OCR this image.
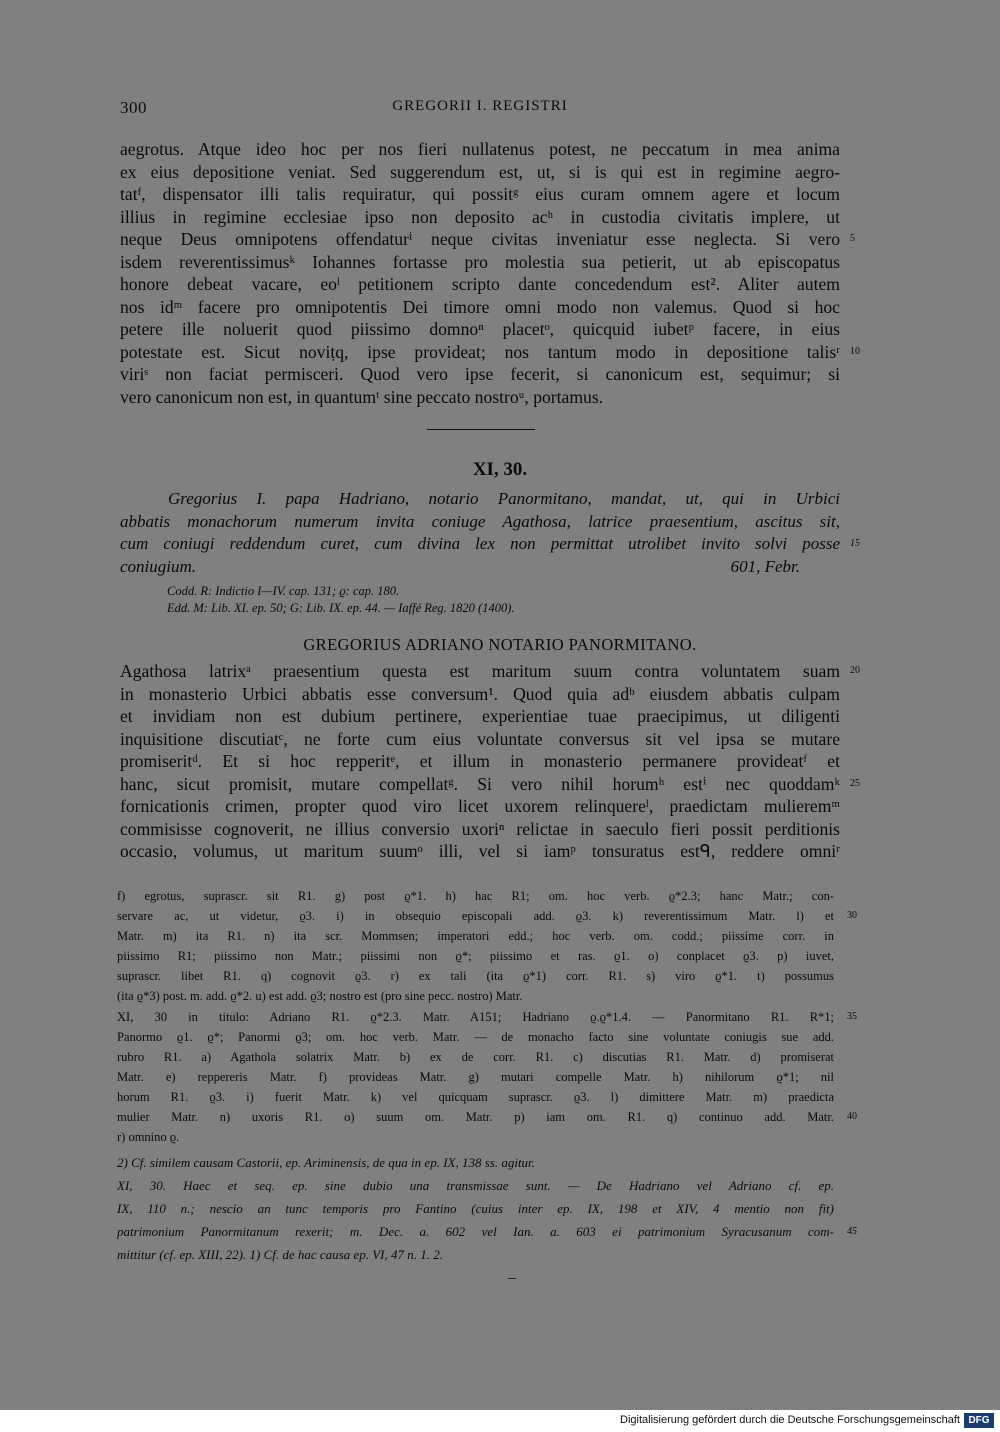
300	GREGORII I. REGISTRI
aegrotus. Atque ideo hoc per nos fieri nullatenus potest, ne peccatum in mea anima
ex eius depositione veniat. Sed suggerendum est, ut, si is qui est in regimine aegro-
tatᶠ, dispensator illi talis requiratur, qui possitᵍ eius curam omnem agere et locum
illius in regimine ecclesiae ipso non deposito acʰ in custodia civitatis implere, ut
neque Deus omnipotens offendaturⁱ neque civitas inveniatur esse neglecta. Si vero 5
isdem reverentissimusᵏ Iohannes fortasse pro molestia sua petierit, ut ab episcopatus
honore debeat vacare, eoˡ petitionem scripto dante concedendum est². Aliter autem
nos idᵐ facere pro omnipotentis Dei timore omni modo non valemus. Quod si hoc
petere ille noluerit quod piissimo domnoⁿ placetᵒ, quicquid iubetᵖ facere, in eius
potestate est. Sicut noviṭq, ipse provideat; nos tantum modo in depositione talisʳ 10
viriˢ non faciat permisceri. Quod vero ipse fecerit, si canonicum est, sequimur; si
vero canonicum non est, in quantumᵗ sine peccato nostroᵘ, portamus.
XI, 30.
Gregorius I. papa Hadriano, notario Panormitano, mandat, ut, qui in Urbici
abbatis monachorum numerum invita coniuge Agathosa, latrice praesentium, ascitus sit,
cum coniugi reddendum curet, cum divina lex non permittat utrolibet invito solvi posse 15
coniugium.	601, Febr.
Codd. R: Indictio I—IV. cap. 131; ϱ: cap. 180.
Edd. M: Lib. XI. ep. 50; G: Lib. IX. ep. 44. — Iaffé Reg. 1820 (1400).
GREGORIUS ADRIANO NOTARIO PANORMITANO.
Agathosa latrixᵃ praesentium questa est maritum suum contra voluntatem suam 20
in monasterio Urbici abbatis esse conversum¹. Quod quia adᵇ eiusdem abbatis culpam
et invidiam non est dubium pertinere, experientiae tuae praecipimus, ut diligenti
inquisitione discutiatᶜ, ne forte cum eius voluntate conversus sit vel ipsa se mutare
promiseritᵈ. Et si hoc repperitᵉ, et illum in monasterio permanere provideatᶠ et
hanc, sicut promisit, mutare compellatᵍ. Si vero nihil horumʰ estⁱ nec quoddamᵏ 25
fornicationis crimen, propter quod viro licet uxorem relinquereˡ, praedictam mulieremᵐ
commisisse cognoverit, ne illius conversio uxoriⁿ relictae in saeculo fieri possit perditionis
occasio, volumus, ut maritum suumᵒ illi, vel si iamᵖ tonsuratus estᑫ, reddere omniʳ
f) egrotus, suprascr. sit R1. g) post ϱ*1. h) hac R1; om. hoc verb. ϱ*2.3; hanc Matr.; con-
servare ac, ut videtur, ϱ3. i) in obsequio episcopali add. ϱ3. k) reverentissimum Matr. l) et 30
Matr. m) ita R1. n) ita scr. Mommsen; imperatori edd.; hoc verb. om. codd.; piissime corr. in
piissimo R1; piissimo non Matr.; piissimi non ϱ*; piissimo et ras. ϱ1. o) conplacet ϱ3. p) iuvet,
suprascr. libet R1. q) cognovit ϱ3. r) ex tali (ita ϱ*1) corr. R1. s) viro ϱ*1. t) possumus
(ita ϱ*3) post. m. add. ϱ*2. u) est add. ϱ3; nostro est (pro sine pecc. nostro) Matr.
XI, 30 in titulo: Adriano R1. ϱ*2.3. Matr. A151; Hadriano ϱ.ϱ*1.4. — Panormitano R1. R*1; 35
Panormo ϱ1. ϱ*; Panormi ϱ3; om. hoc verb. Matr. — de monacho facto sine voluntate coniugis sue add.
rubro R1. a) Agathola solatrix Matr. b) ex de corr. R1. c) discutias R1. Matr. d) promiserat
Matr. e) reppereris Matr. f) provideas Matr. g) mutari compelle Matr. h) nihilorum ϱ*1; nil
horum R1. ϱ3. i) fuerit Matr. k) vel quicquam suprascr. ϱ3. l) dimittere Matr. m) praedicta
mulier Matr. n) uxoris R1. o) suum om. Matr. p) iam om. R1. q) continuo add. Matr. 40
r) omnino ϱ.
2) Cf. similem causam Castorii, ep. Ariminensis, de qua in ep. IX, 138 ss. agitur.
XI, 30. Haec et seq. ep. sine dubio una transmissae sunt. — De Hadriano vel Adriano cf. ep.
IX, 110 n.; nescio an tunc temporis pro Fantino (cuius inter ep. IX, 198 et XIV, 4 mentio non fit)
patrimonium Panormitanum rexerit; m. Dec. a. 602 vel Ian. a. 603 ei patrimonium Syracusanum com- 45
mittitur (cf. ep. XIII, 22). 1) Cf. de hac causa ep. VI, 47 n. 1. 2.
Digitalisierung gefördert durch die Deutsche Forschungsgemeinschaft DFG
